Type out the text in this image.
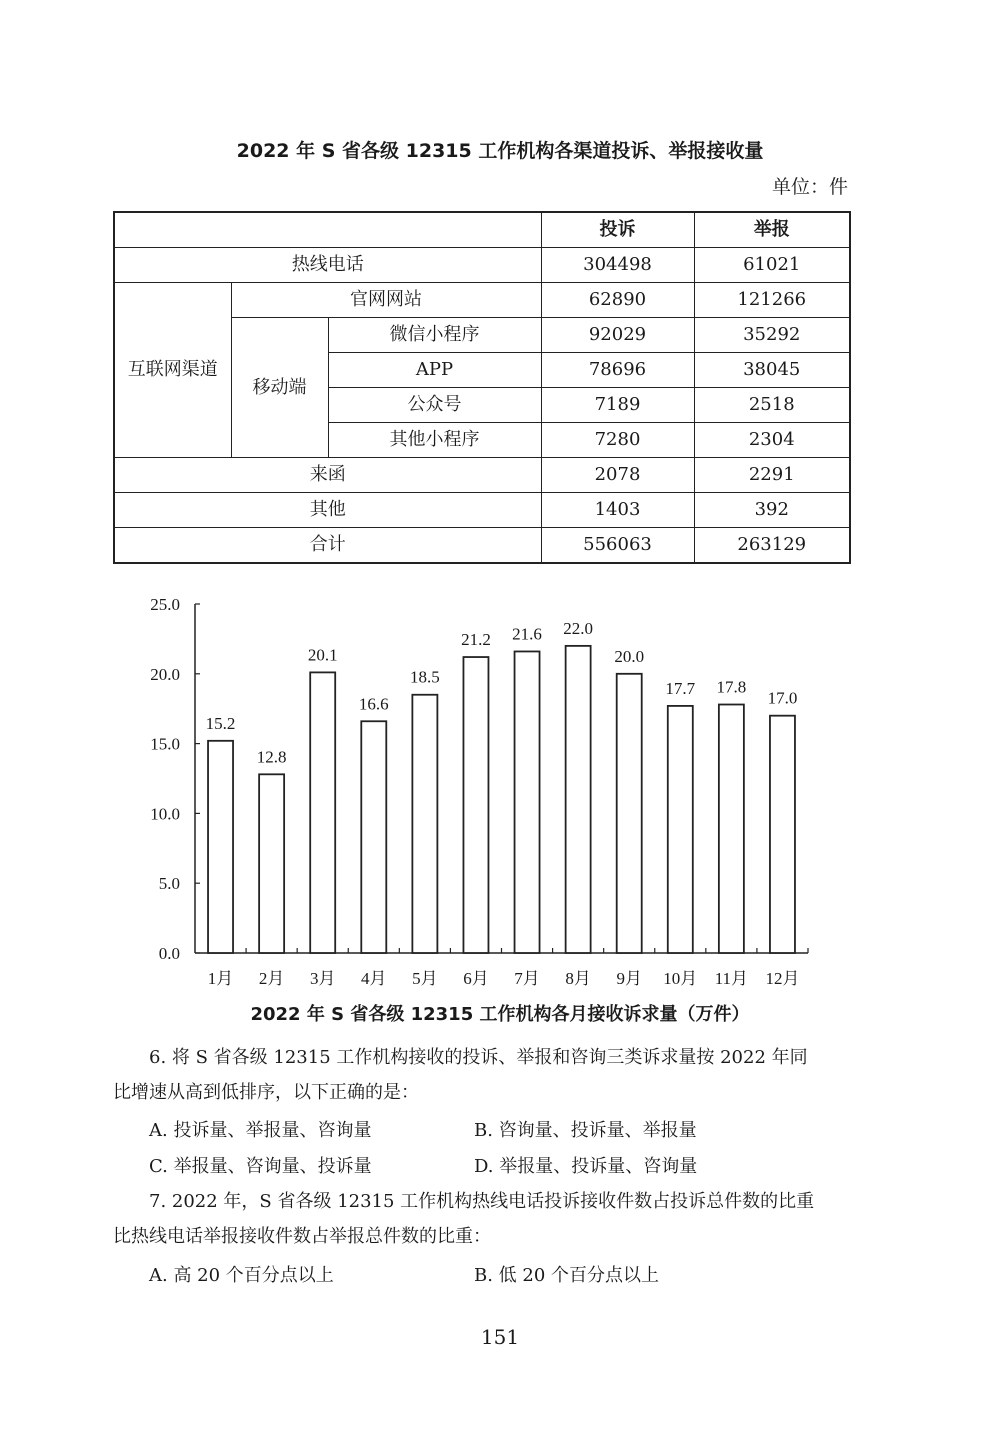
2022 年 S 省各级 12315 工作机构各渠道投诉、举报接收量
单位：件
			投诉	举报
热线电话			304498	61021
互联网渠道	官网网站		62890	121266
	移动端	微信小程序	92029	35292
		APP	78696	38045
		公众号	7189	2518
		其他小程序	7280	2304
来函			2078	2291
其他			1403	392
合计			556063	263129
0.0
5.0
10.0
15.0
20.0
25.0
15.2
1月
12.8
2月
20.1
3月
16.6
4月
18.5
5月
21.2
6月
21.6
7月
22.0
8月
20.0
9月
17.7
10月
17.8
11月
17.0
12月
2022 年 S 省各级 12315 工作机构各月接收诉求量（万件）
6. 将 S 省各级 12315 工作机构接收的投诉、举报和咨询三类诉求量按 2022 年同
比增速从高到低排序，以下正确的是：
A. 投诉量、举报量、咨询量	B. 咨询量、投诉量、举报量
C. 举报量、咨询量、投诉量	D. 举报量、投诉量、咨询量
7. 2022 年，S 省各级 12315 工作机构热线电话投诉接收件数占投诉总件数的比重
比热线电话举报接收件数占举报总件数的比重：
A. 高 20 个百分点以上	B. 低 20 个百分点以上
151
